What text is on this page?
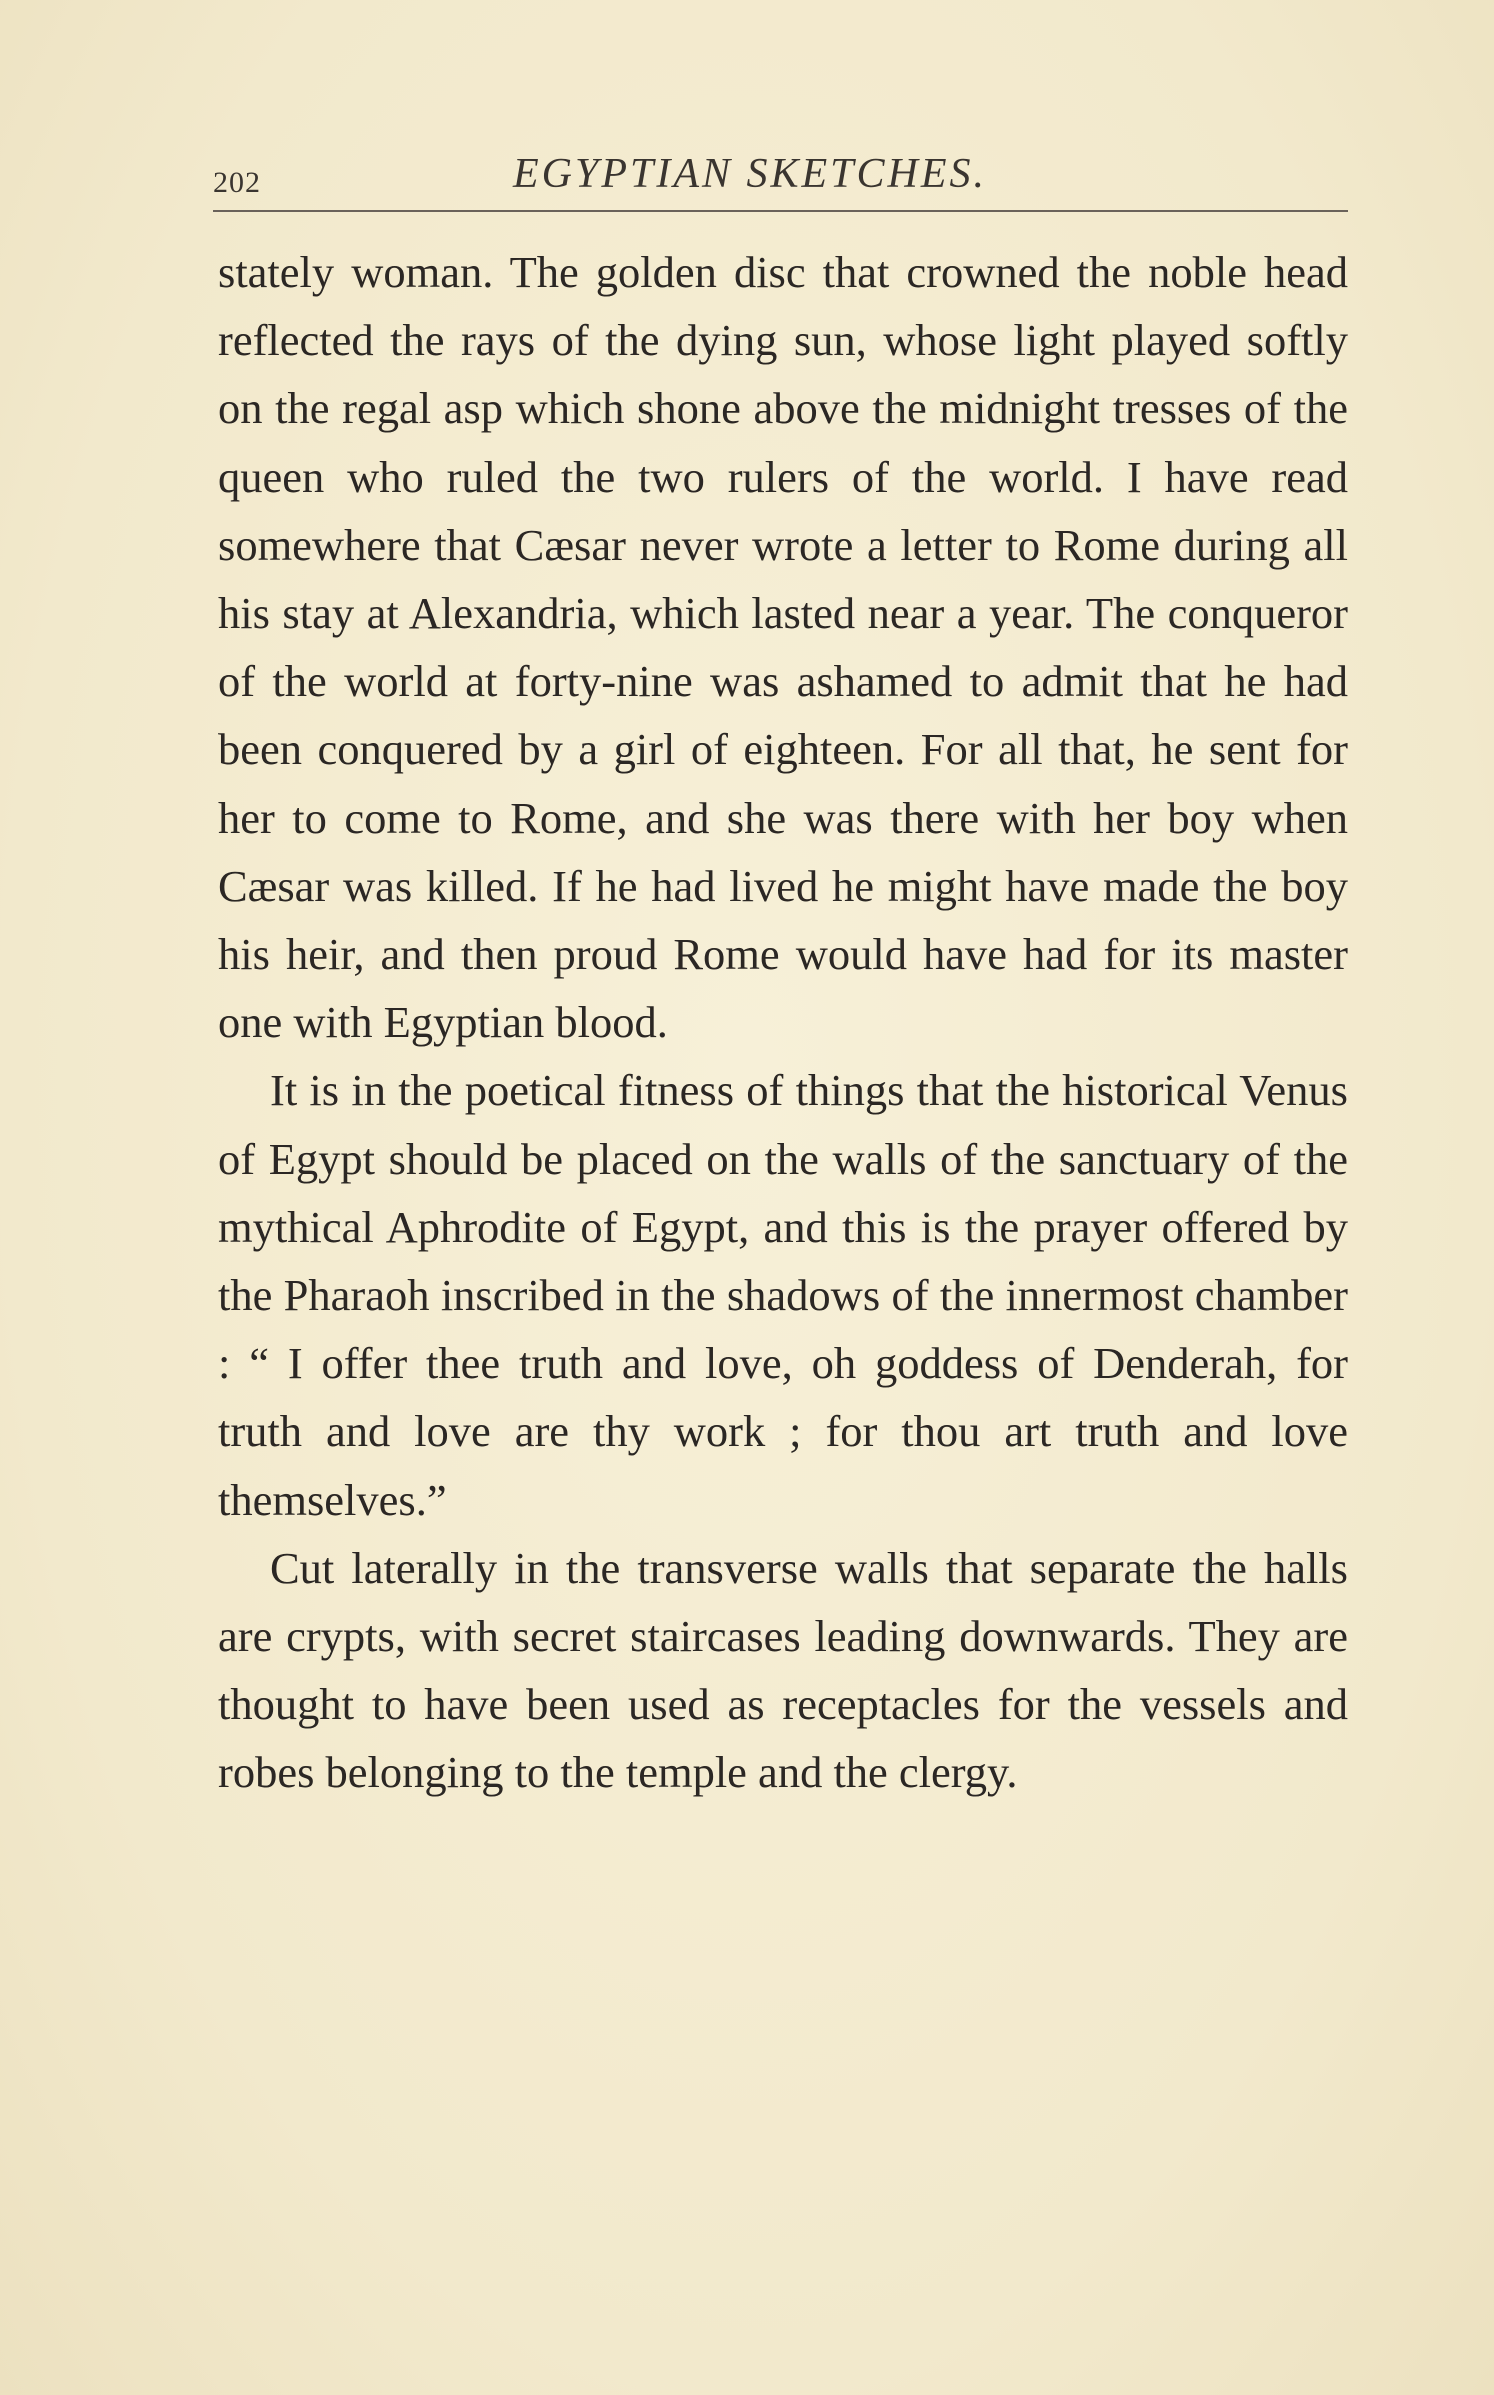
202	EGYPTIAN SKETCHES.

stately woman. The golden disc that crowned the noble head reflected the rays of the dying sun, whose light played softly on the regal asp which shone above the midnight tresses of the queen who ruled the two rulers of the world. I have read somewhere that Cæsar never wrote a letter to Rome during all his stay at Alexandria, which lasted near a year. The conqueror of the world at forty-nine was ashamed to admit that he had been conquered by a girl of eighteen. For all that, he sent for her to come to Rome, and she was there with her boy when Cæsar was killed. If he had lived he might have made the boy his heir, and then proud Rome would have had for its master one with Egyptian blood.

It is in the poetical fitness of things that the historical Venus of Egypt should be placed on the walls of the sanctuary of the mythical Aphrodite of Egypt, and this is the prayer offered by the Pharaoh inscribed in the shadows of the innermost chamber : “ I offer thee truth and love, oh goddess of Denderah, for truth and love are thy work ; for thou art truth and love themselves.”

Cut laterally in the transverse walls that separate the halls are crypts, with secret staircases leading downwards. They are thought to have been used as receptacles for the vessels and robes belonging to the temple and the clergy.
